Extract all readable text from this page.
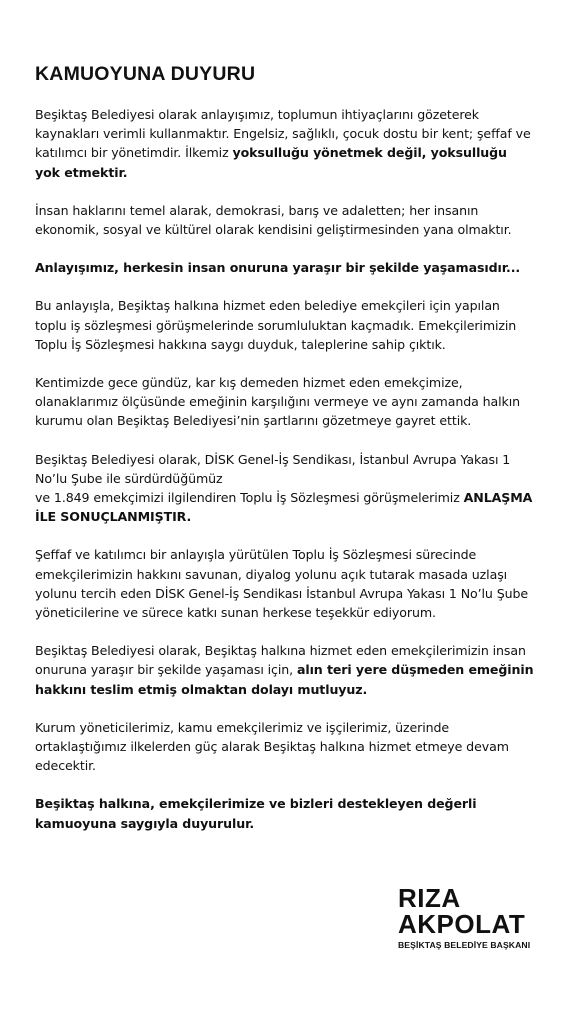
KAMUOYUNA DUYURU

Beşiktaş Belediyesi olarak anlayışımız, toplumun ihtiyaçlarını gözeterek kaynakları verimli kullanmaktır. Engelsiz, sağlıklı, çocuk dostu bir kent; şeffaf ve katılımcı bir yönetimdir. İlkemiz yoksulluğu yönetmek değil, yoksulluğu yok etmektir.

İnsan haklarını temel alarak, demokrasi, barış ve adaletten; her insanın ekonomik, sosyal ve kültürel olarak kendisini geliştirmesinden yana olmaktır.

Anlayışımız, herkesin insan onuruna yaraşır bir şekilde yaşamasıdır...

Bu anlayışla, Beşiktaş halkına hizmet eden belediye emekçileri için yapılan toplu iş sözleşmesi görüşmelerinde sorumluluktan kaçmadık. Emekçilerimizin Toplu İş Sözleşmesi hakkına saygı duyduk, taleplerine sahip çıktık.

Kentimizde gece gündüz, kar kış demeden hizmet eden emekçimize, olanaklarımız ölçüsünde emeğinin karşılığını vermeye ve aynı zamanda halkın kurumu olan Beşiktaş Belediyesi’nin şartlarını gözetmeye gayret ettik.

Beşiktaş Belediyesi olarak, DİSK Genel-İş Sendikası, İstanbul Avrupa Yakası 1 No’lu Şube ile sürdürdüğümüz
ve 1.849 emekçimizi ilgilendiren Toplu İş Sözleşmesi görüşmelerimiz ANLAŞMA İLE SONUÇLANMIŞTIR.

Şeffaf ve katılımcı bir anlayışla yürütülen Toplu İş Sözleşmesi sürecinde emekçilerimizin hakkını savunan, diyalog yolunu açık tutarak masada uzlaşı yolunu tercih eden DİSK Genel-İş Sendikası İstanbul Avrupa Yakası 1 No’lu Şube yöneticilerine ve sürece katkı sunan herkese teşekkür ediyorum.

Beşiktaş Belediyesi olarak, Beşiktaş halkına hizmet eden emekçilerimizin insan onuruna yaraşır bir şekilde yaşaması için, alın teri yere düşmeden emeğinin hakkını teslim etmiş olmaktan dolayı mutluyuz.

Kurum yöneticilerimiz, kamu emekçilerimiz ve işçilerimiz, üzerinde ortaklaştığımız ilkelerden güç alarak Beşiktaş halkına hizmet etmeye devam edecektir.

Beşiktaş halkına, emekçilerimize ve bizleri destekleyen değerli kamuoyuna saygıyla duyurulur.

RIZA
AKPOLAT
BEŞİKTAŞ BELEDİYE BAŞKANI
